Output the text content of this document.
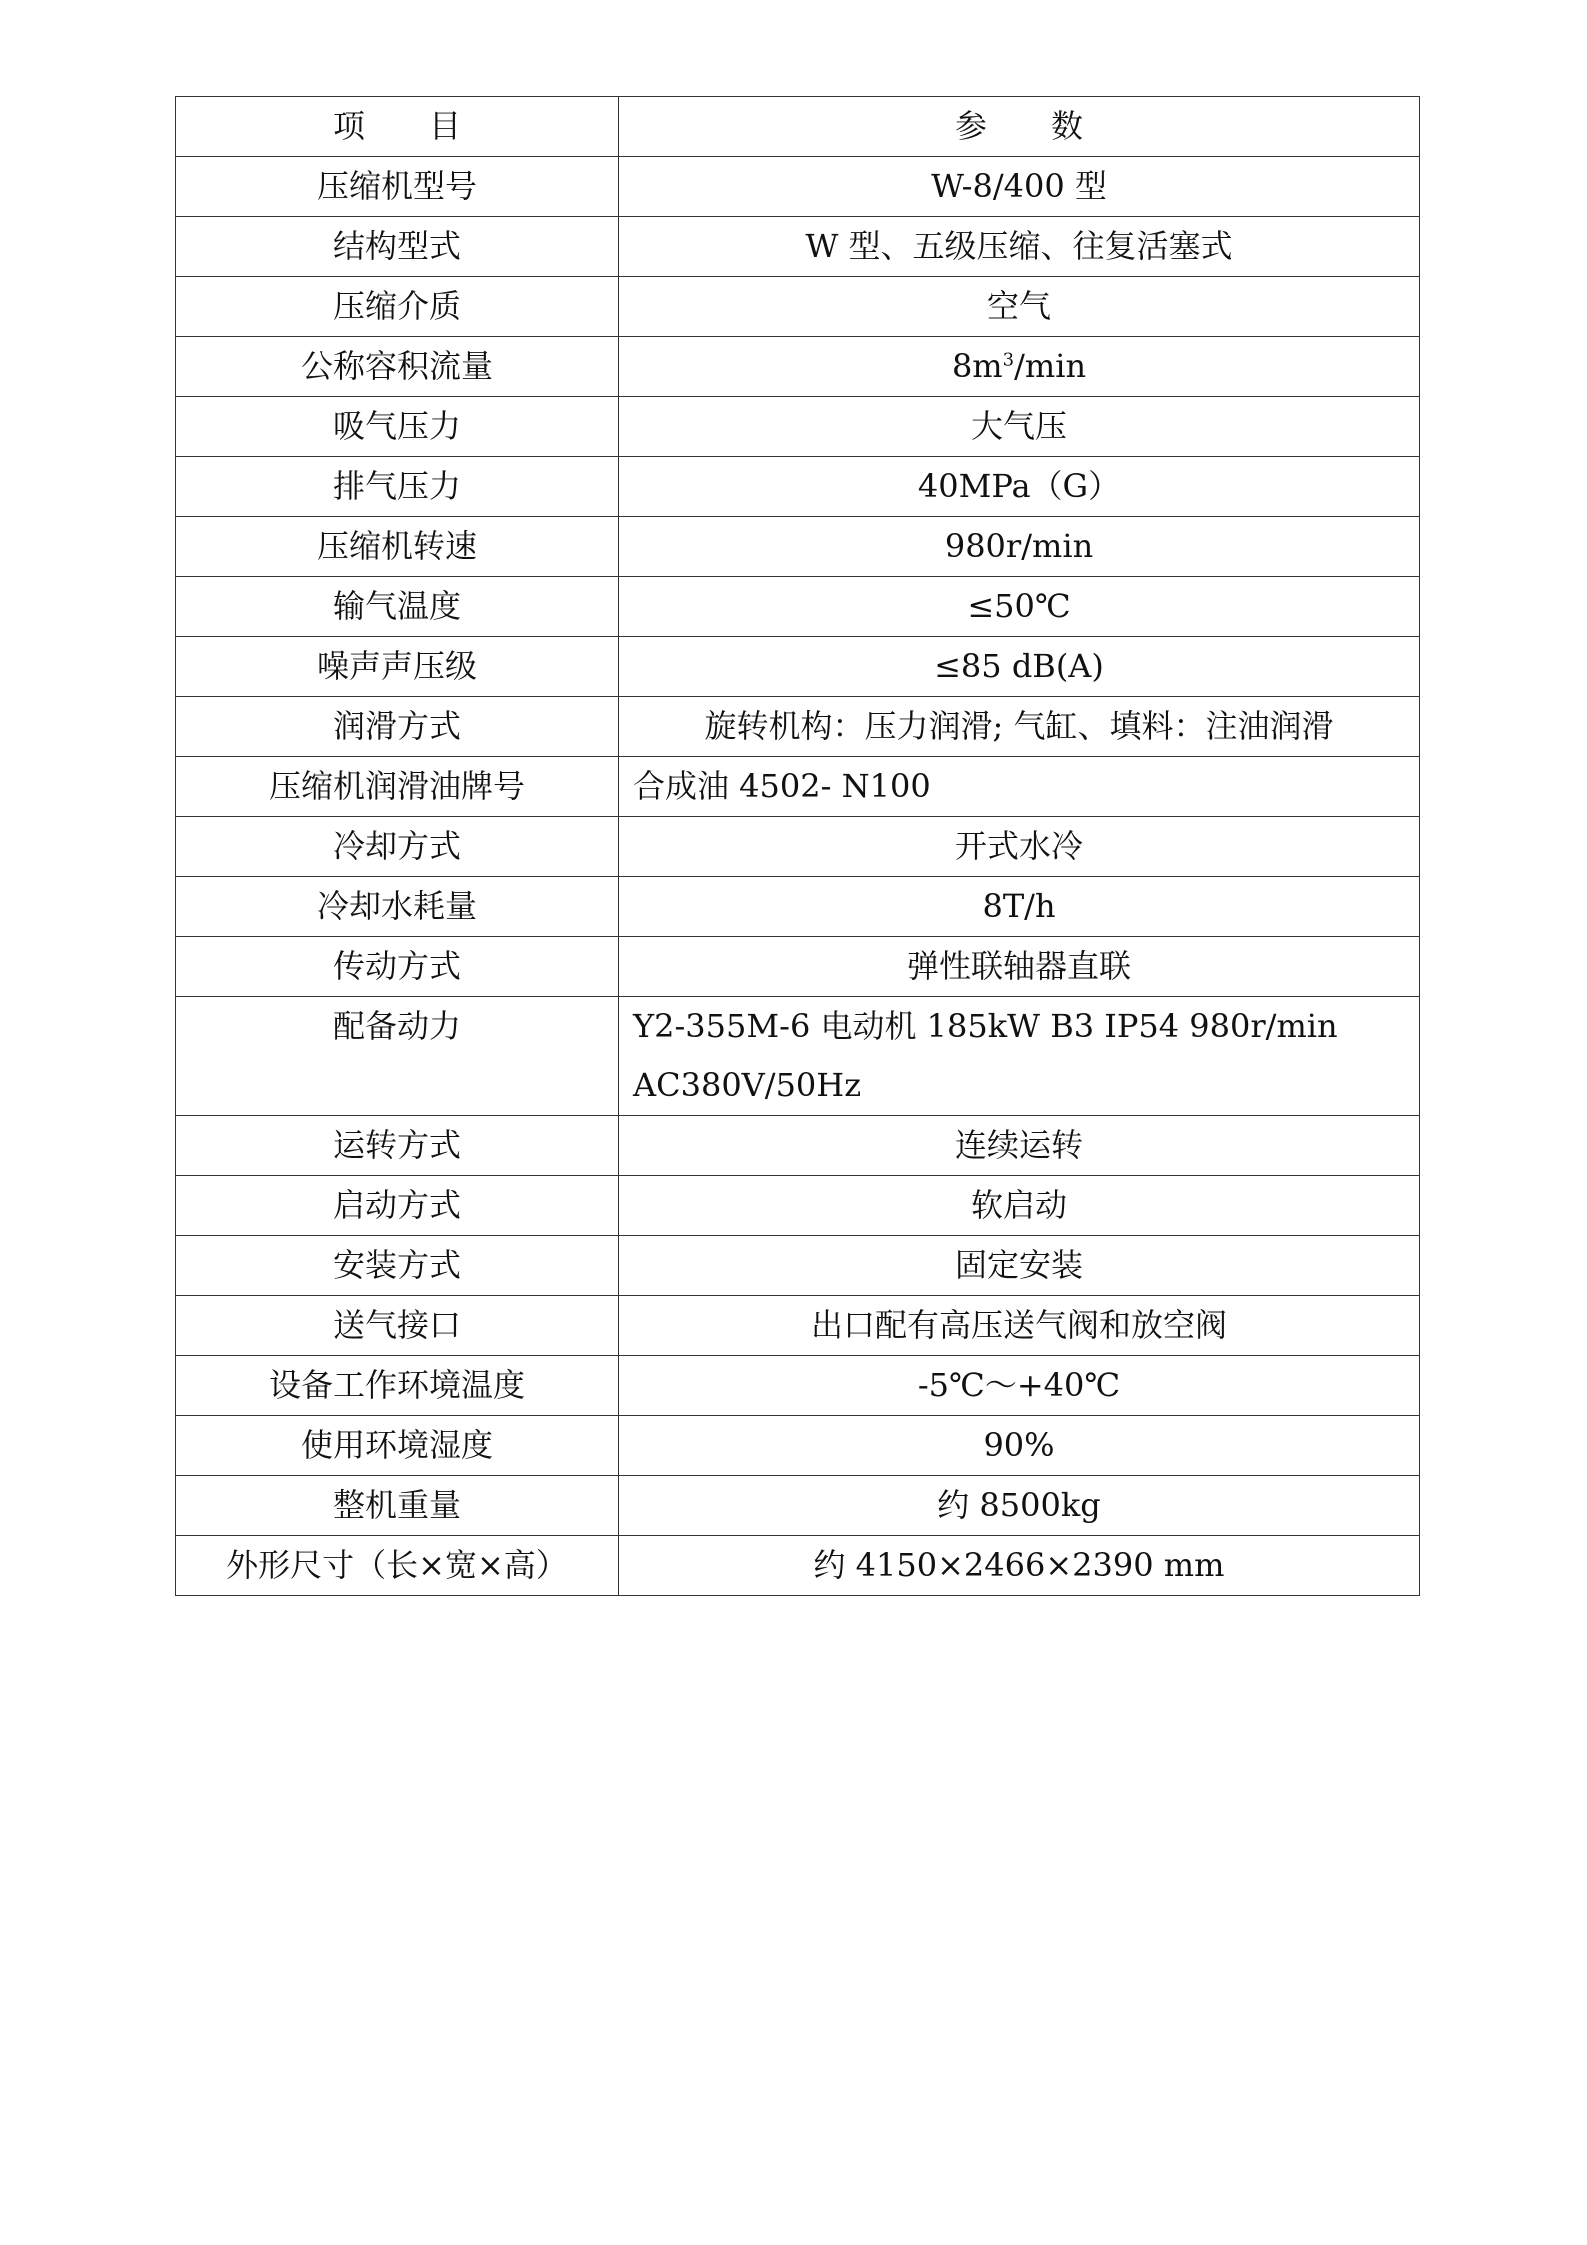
项 目	参 数
压缩机型号	W-8/400 型
结构型式	W 型、五级压缩、往复活塞式
压缩介质	空气
公称容积流量	$8m^3/\min$
吸气压力	大气压
排气压力	40MPa（G）
压缩机转速	980r/min
输气温度	≤50℃
噪声声压级	≤85 dB(A)
润滑方式	旋转机构：压力润滑; 气缸、填料：注油润滑
压缩机润滑油牌号	合成油 4502- N100
冷却方式	开式水冷
冷却水耗量	8T/h
传动方式	弹性联轴器直联
配备动力	Y2-355M-6 电动机 185kW B3 IP54 980r/min
AC380V/50Hz

运转方式	连续运转
启动方式	软启动
安装方式	固定安装
送气接口	出口配有高压送气阀和放空阀
设备工作环境温度	-5℃～+40℃
使用环境湿度	90%
整机重量	约 8500kg
外形尺寸（长×宽×高）	约 4150×2466×2390 mm
